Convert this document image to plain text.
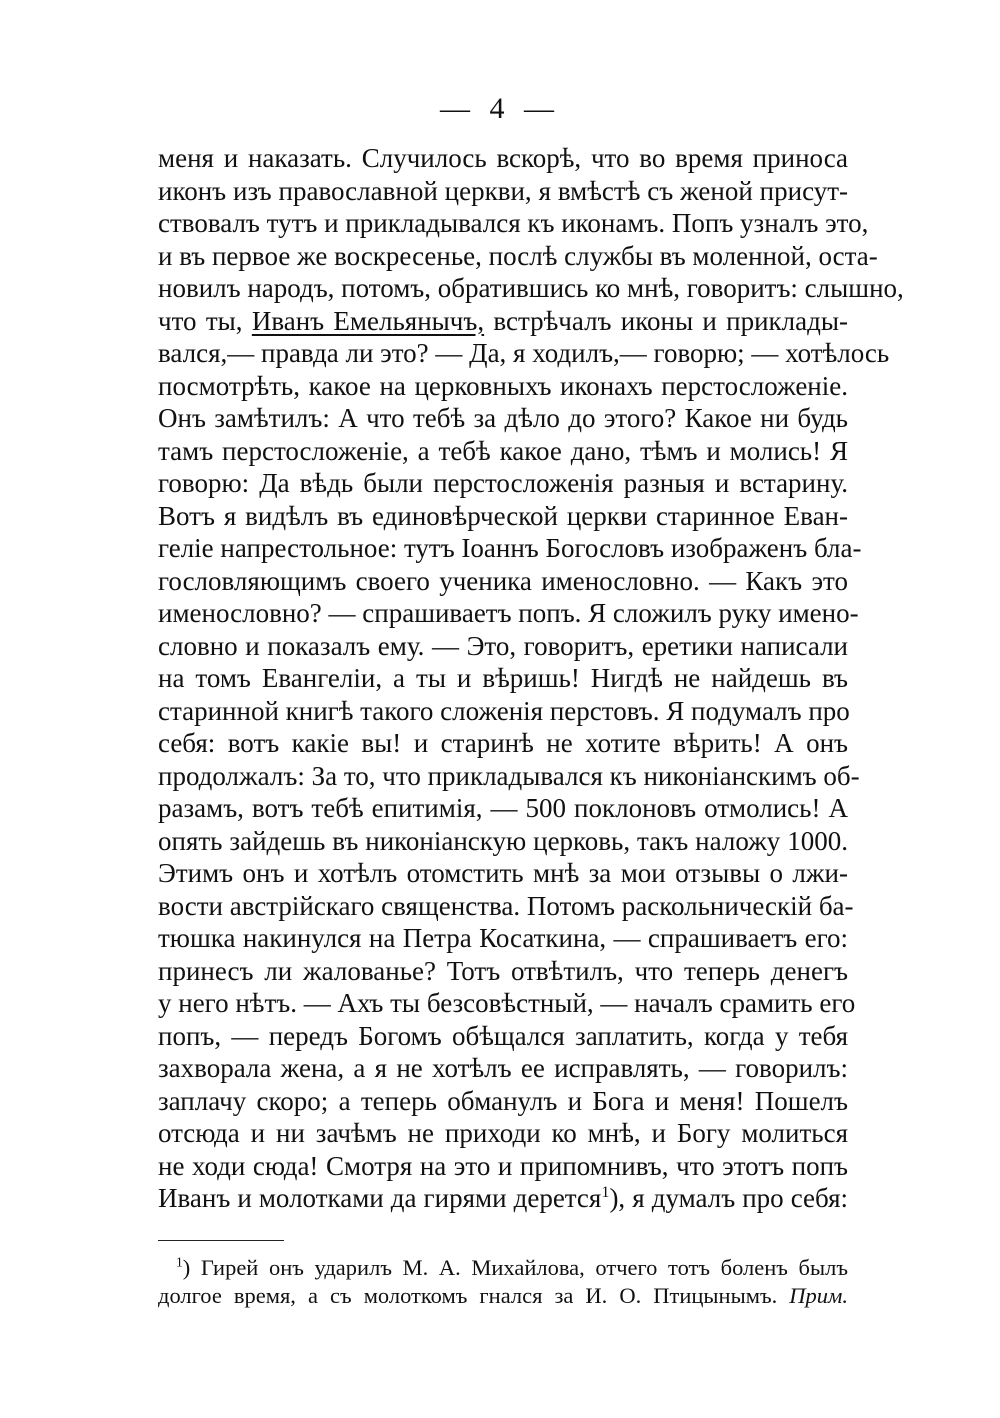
— 4 —
меня и наказать. Случилось вскорѣ, что во время приноса
иконъ изъ православной церкви, я вмѣстѣ съ женой присут-
ствовалъ тутъ и прикладывался къ иконамъ. Попъ узналъ это,
и въ первое же воскресенье, послѣ службы въ моленной, оста-
новилъ народъ, потомъ, обратившись ко мнѣ, говоритъ: слышно,
что ты, Иванъ Емельянычъ, встрѣчалъ иконы и приклады-
вался,— правда ли это? — Да, я ходилъ,— говорю; — хотѣлось
посмотрѣть, какое на церковныхъ иконахъ перстосложеніе.
Онъ замѣтилъ: А что тебѣ за дѣло до этого? Какое ни будь
тамъ перстосложеніе, а тебѣ какое дано, тѣмъ и молись! Я
говорю: Да вѣдь были перстосложенія разныя и встарину.
Вотъ я видѣлъ въ единовѣрческой церкви старинное Еван-
геліе напрестольное: тутъ Іоаннъ Богословъ изображенъ бла-
гословляющимъ своего ученика именословно. — Какъ это
именословно? — спрашиваетъ попъ. Я сложилъ руку имено-
словно и показалъ ему. — Это, говоритъ, еретики написали
на томъ Евангеліи, а ты и вѣришь! Нигдѣ не найдешь въ
старинной книгѣ такого сложенія перстовъ. Я подумалъ про
себя: вотъ какіе вы! и старинѣ не хотите вѣрить! А онъ
продолжалъ: За то, что прикладывался къ никоніанскимъ об-
разамъ, вотъ тебѣ епитимія, — 500 поклоновъ отмолись! А
опять зайдешь въ никоніанскую церковь, такъ наложу 1000.
Этимъ онъ и хотѣлъ отомстить мнѣ за мои отзывы о лжи-
вости австрійскаго священства. Потомъ раскольническій ба-
тюшка накинулся на Петра Косаткина, — спрашиваетъ его:
принесъ ли жалованье? Тотъ отвѣтилъ, что теперь денегъ
у него нѣтъ. — Ахъ ты безсовѣстный, — началъ срамить его
попъ, — передъ Богомъ обѣщался заплатить, когда у тебя
захворала жена, а я не хотѣлъ ее исправлять, — говорилъ:
заплачу скоро; а теперь обманулъ и Бога и меня! Пошелъ
отсюда и ни зачѣмъ не приходи ко мнѣ, и Богу молиться
не ходи сюда! Смотря на это и припомнивъ, что этотъ попъ
Иванъ и молотками да гирями дерется$^1$), я думалъ про себя:
$^1$) Гирей онъ ударилъ М. А. Михайлова, отчего тотъ боленъ былъ
долгое время, а съ молоткомъ гнался за И. О. Птицынымъ. Прим.
